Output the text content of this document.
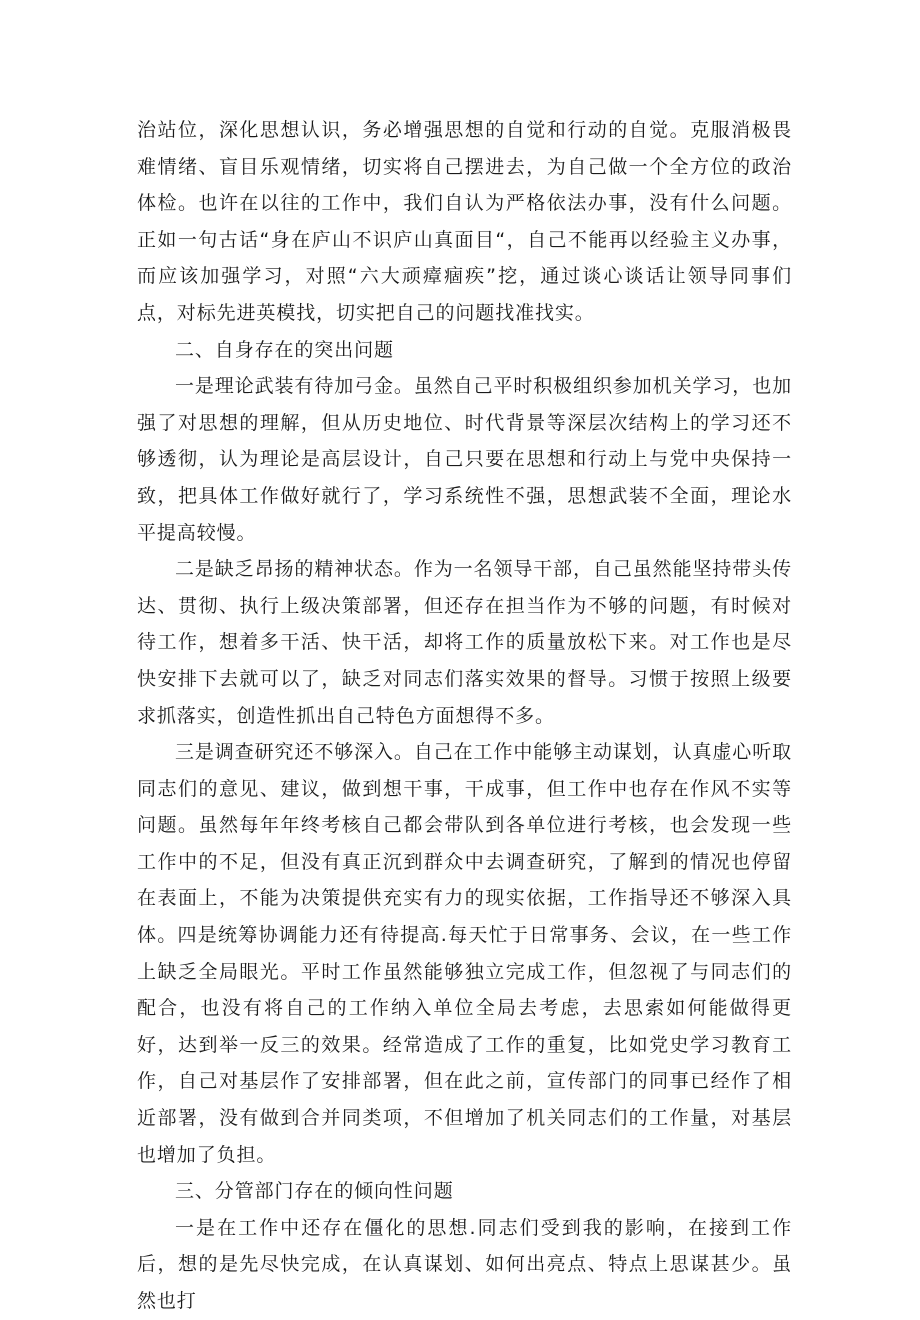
治站位，深化思想认识，务必增强思想的自觉和行动的自觉。克服消极畏难情绪、盲目乐观情绪，切实将自己摆进去，为自己做一个全方位的政治体检。也许在以往的工作中，我们自认为严格依法办事，没有什么问题。正如一句古话“身在庐山不识庐山真面目“，自己不能再以经验主义办事，而应该加强学习，对照“六大顽瘴痼疾”挖，通过谈心谈话让领导同事们点，对标先进英模找，切实把自己的问题找准找实。

二、自身存在的突出问题

一是理论武装有待加弓金。虽然自己平时积极组织参加机关学习，也加强了对思想的理解，但从历史地位、时代背景等深层次结构上的学习还不够透彻，认为理论是高层设计，自己只要在思想和行动上与党中央保持一致，把具体工作做好就行了，学习系统性不强，思想武装不全面，理论水平提高较慢。

二是缺乏昂扬的精神状态。作为一名领导干部，自己虽然能坚持带头传达、贯彻、执行上级决策部署，但还存在担当作为不够的问题，有时候对待工作，想着多干活、快干活，却将工作的质量放松下来。对工作也是尽快安排下去就可以了，缺乏对同志们落实效果的督导。习惯于按照上级要求抓落实，创造性抓出自己特色方面想得不多。

三是调查研究还不够深入。自己在工作中能够主动谋划，认真虚心听取同志们的意见、建议，做到想干事，干成事，但工作中也存在作风不实等问题。虽然每年年终考核自己都会带队到各单位进行考核，也会发现一些工作中的不足，但没有真正沉到群众中去调查研究，了解到的情况也停留在表面上，不能为决策提供充实有力的现实依据，工作指导还不够深入具体。四是统筹协调能力还有待提高.每天忙于日常事务、会议，在一些工作上缺乏全局眼光。平时工作虽然能够独立完成工作，但忽视了与同志们的配合，也没有将自己的工作纳入单位全局去考虑，去思索如何能做得更好，达到举一反三的效果。经常造成了工作的重复，比如党史学习教育工作，自己对基层作了安排部署，但在此之前，宣传部门的同事已经作了相近部署，没有做到合并同类项，不但增加了机关同志们的工作量，对基层也增加了负担。

三、分管部门存在的倾向性问题

一是在工作中还存在僵化的思想.同志们受到我的影响，在接到工作后，想的是先尽快完成，在认真谋划、如何出亮点、特点上思谋甚少。虽然也打
